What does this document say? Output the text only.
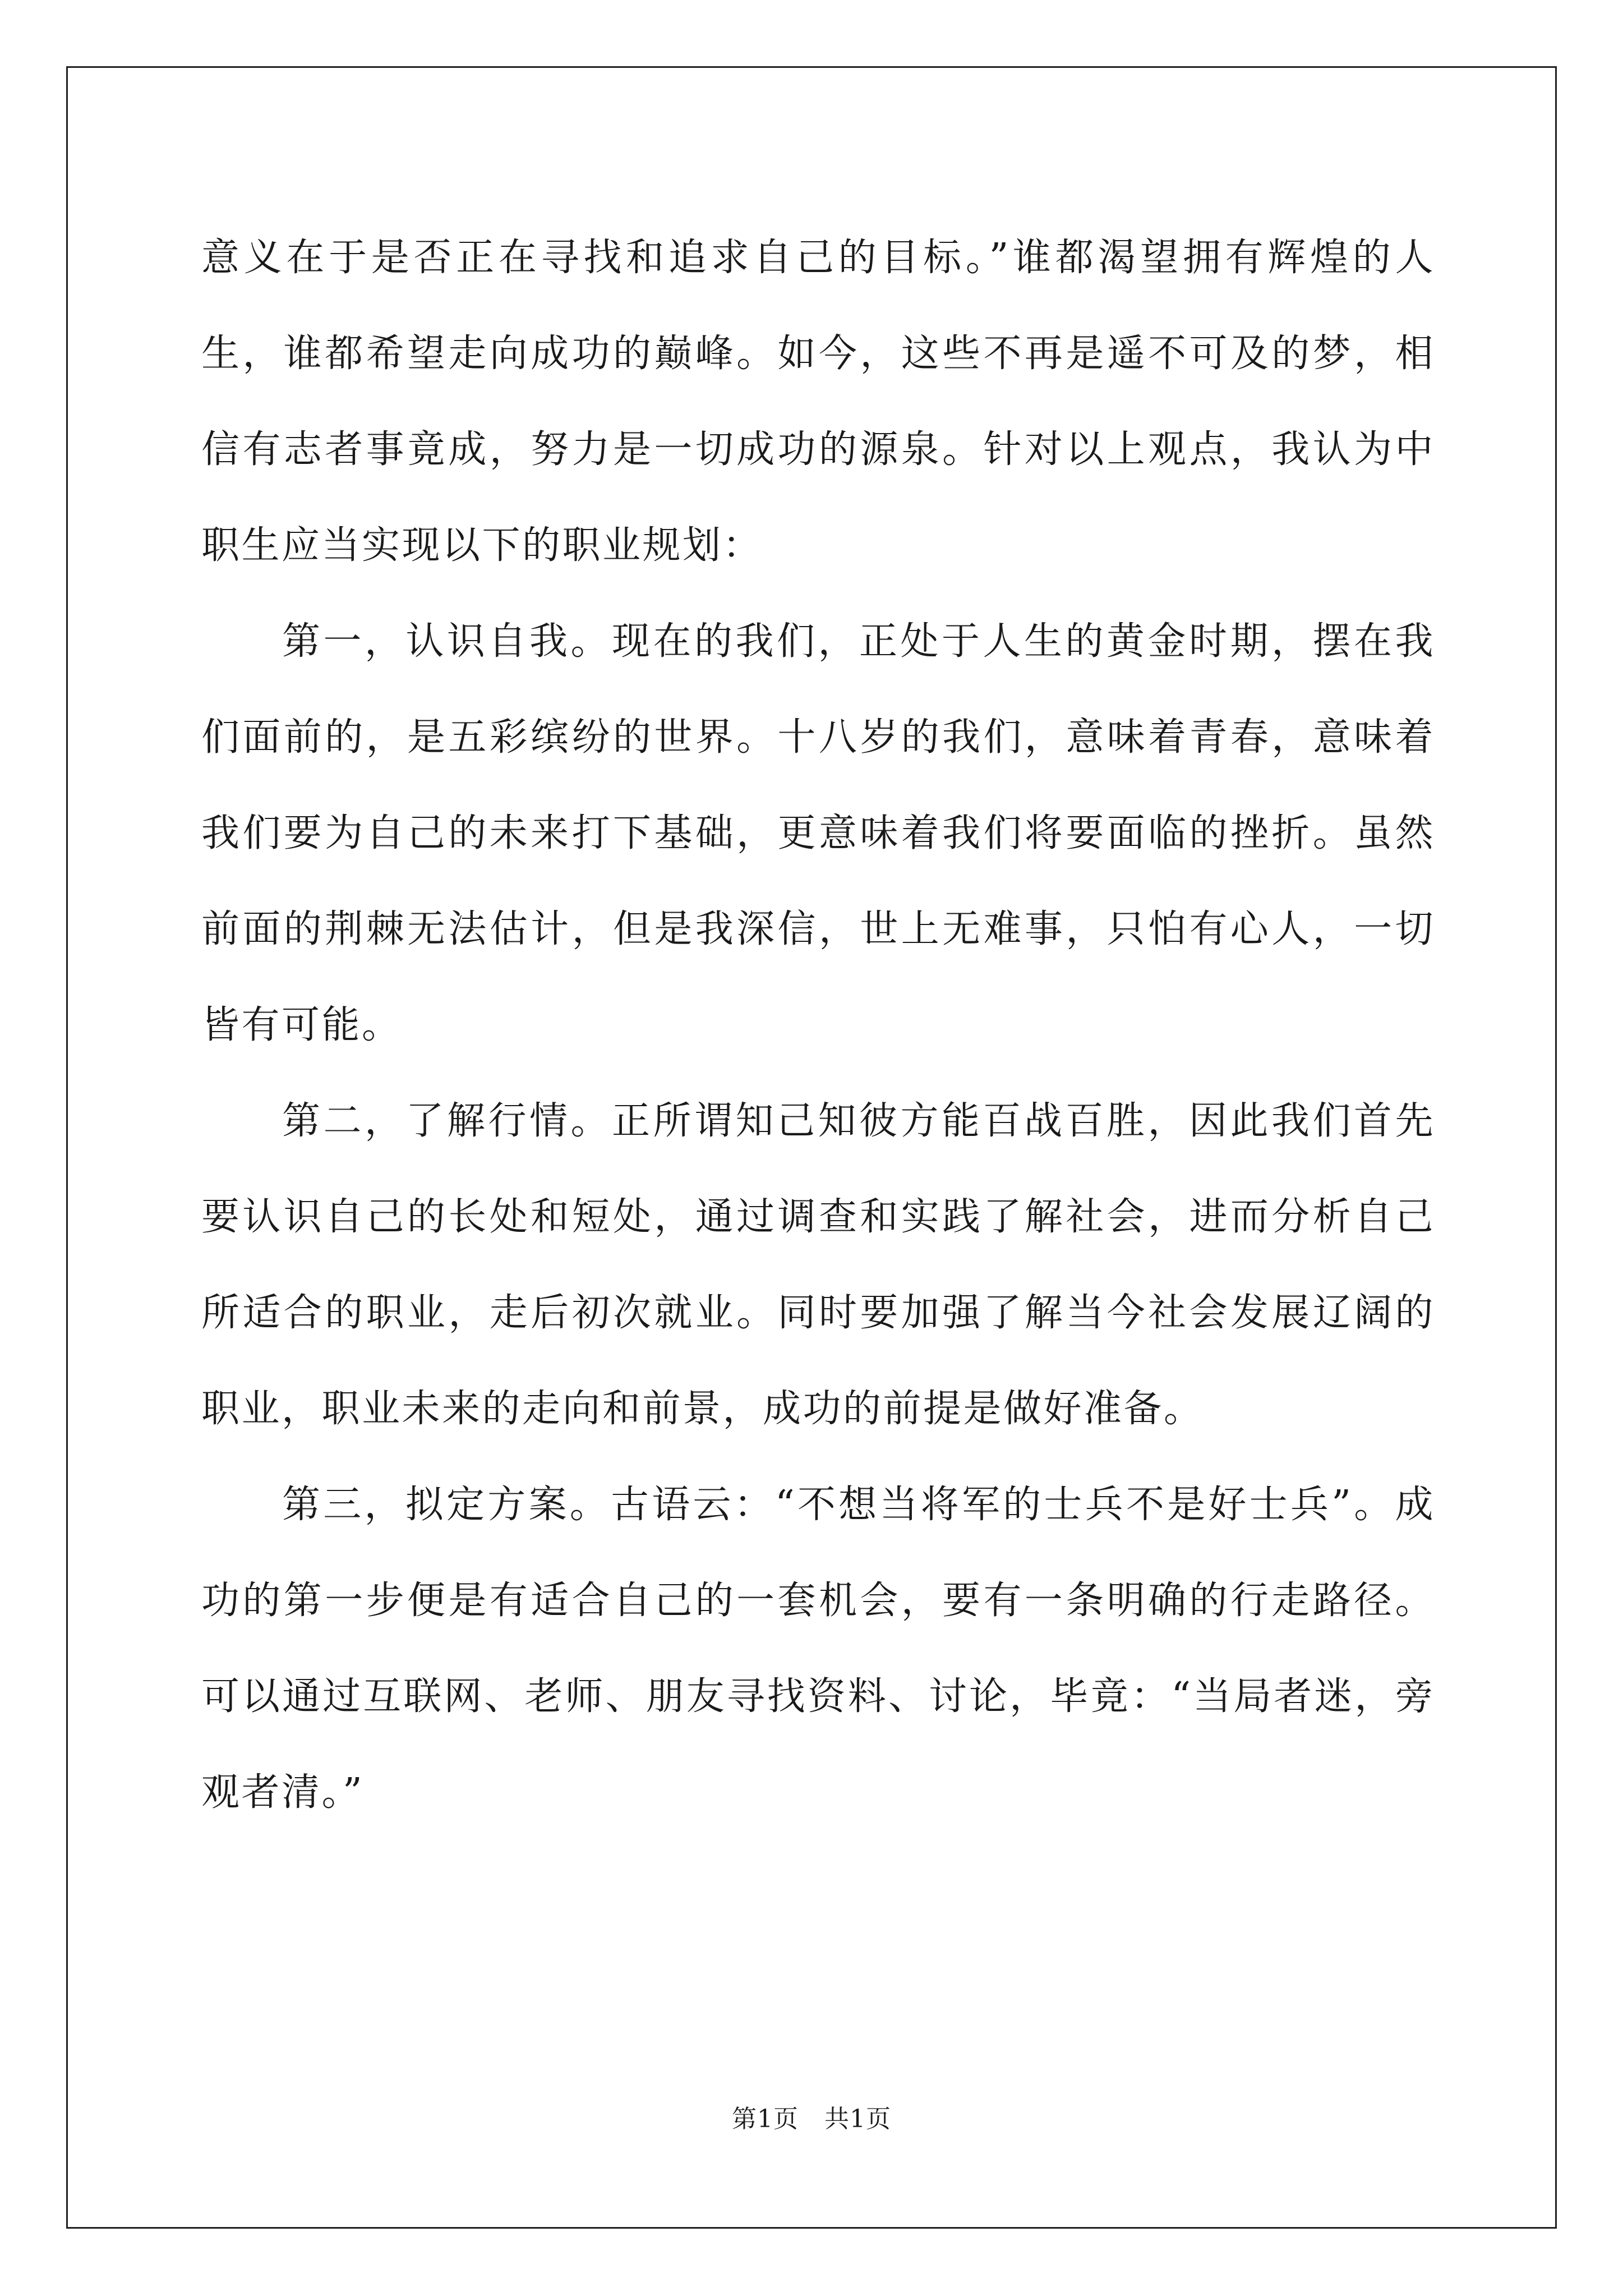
意义在于是否正在寻找和追求自己的目标。”谁都渴望拥有辉煌的人生，谁都希望走向成功的巅峰。如今，这些不再是遥不可及的梦，相信有志者事竟成，努力是一切成功的源泉。针对以上观点，我认为中职生应当实现以下的职业规划：

第一，认识自我。现在的我们，正处于人生的黄金时期，摆在我们面前的，是五彩缤纷的世界。十八岁的我们，意味着青春，意味着我们要为自己的未来打下基础，更意味着我们将要面临的挫折。虽然前面的荆棘无法估计，但是我深信，世上无难事，只怕有心人，一切皆有可能。

第二，了解行情。正所谓知己知彼方能百战百胜，因此我们首先要认识自己的长处和短处，通过调查和实践了解社会，进而分析自己所适合的职业，走后初次就业。同时要加强了解当今社会发展辽阔的职业，职业未来的走向和前景，成功的前提是做好准备。

第三，拟定方案。古语云：“不想当将军的士兵不是好士兵”。成功的第一步便是有适合自己的一套机会，要有一条明确的行走路径。可以通过互联网、老师、朋友寻找资料、讨论，毕竟：“当局者迷，旁观者清。”

第1页 共1页
